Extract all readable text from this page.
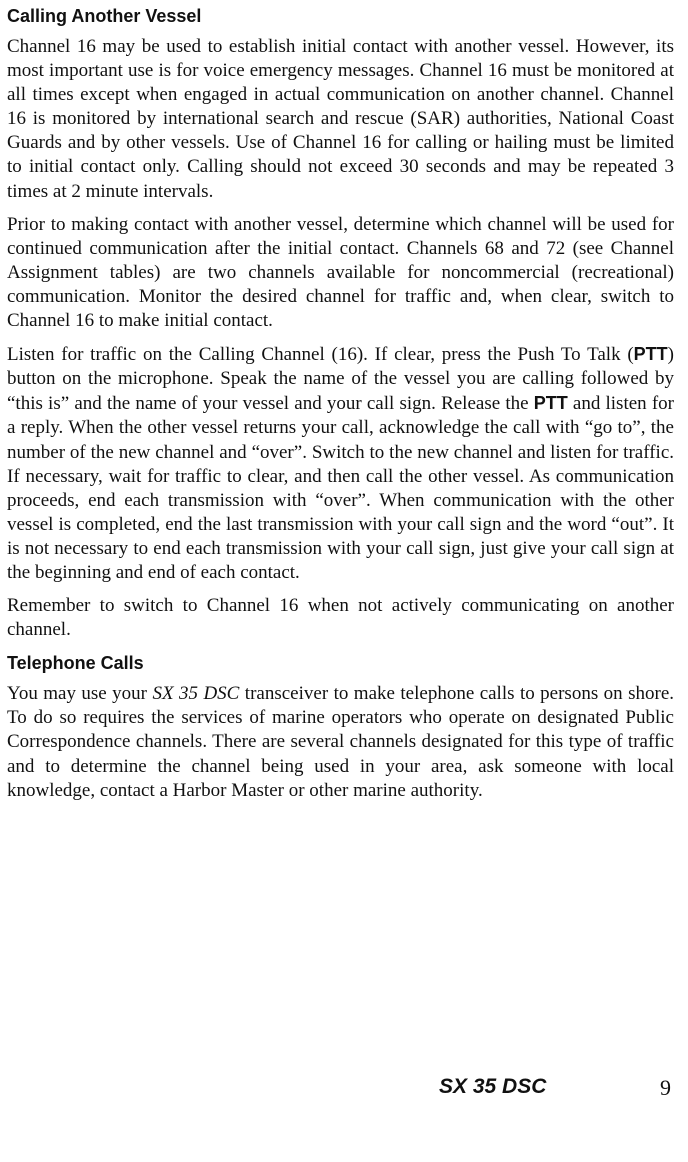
Calling Another Vessel

Channel 16 may be used to establish initial contact with another vessel. However, its most important use is for voice emergency messages. Channel 16 must be monitored at all times except when engaged in actual communication on another channel. Channel 16 is monitored by international search and rescue (SAR) authorities, National Coast Guards and by other vessels. Use of Channel 16 for calling or hailing must be limited to initial contact only. Calling should not exceed 30 seconds and may be repeated 3 times at 2 minute intervals.

Prior to making contact with another vessel, determine which channel will be used for continued communication after the initial contact. Channels 68 and 72 (see Channel Assignment tables) are two channels available for noncommercial (recreational) communication. Monitor the desired channel for traffic and, when clear, switch to Channel 16 to make initial contact.

Listen for traffic on the Calling Channel (16). If clear, press the Push To Talk (PTT) button on the microphone. Speak the name of the vessel you are calling followed by “this is” and the name of your vessel and your call sign. Release the PTT and listen for a reply. When the other vessel returns your call, acknowledge the call with “go to”, the number of the new channel and “over”. Switch to the new channel and listen for traffic. If necessary, wait for traffic to clear, and then call the other vessel. As communication proceeds, end each transmission with “over”. When communication with the other vessel is completed, end the last transmission with your call sign and the word “out”. It is not necessary to end each transmission with your call sign, just give your call sign at the beginning and end of each contact.

Remember to switch to Channel 16 when not actively communicating on another channel.

Telephone Calls

You may use your SX 35 DSC transceiver to make telephone calls to persons on shore. To do so requires the services of marine operators who operate on designated Public Correspondence channels. There are several channels designated for this type of traffic and to determine the channel being used in your area, ask someone with local knowledge, contact a Harbor Master or other marine authority.

SX 35 DSC	9
